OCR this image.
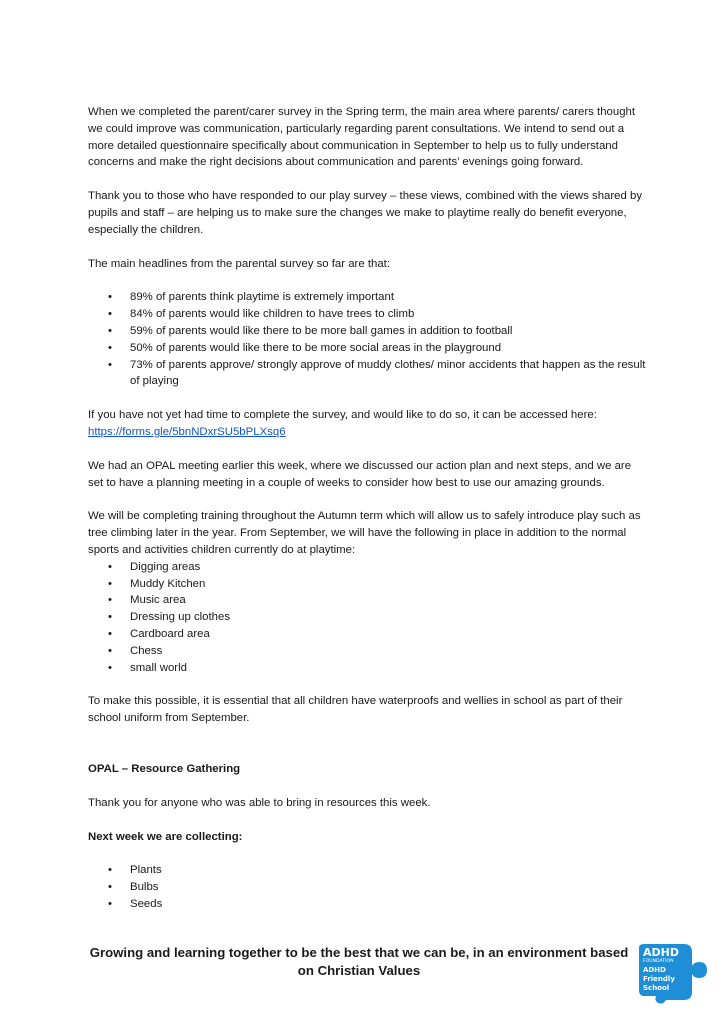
When we completed the parent/carer survey in the Spring term, the main area where parents/ carers thought we could improve was communication, particularly regarding parent consultations. We intend to send out a more detailed questionnaire specifically about communication in September to help us to fully understand concerns and make the right decisions about communication and parents’ evenings going forward.

Thank you to those who have responded to our play survey – these views, combined with the views shared by pupils and staff – are helping us to make sure the changes we make to playtime really do benefit everyone, especially the children.

The main headlines from the parental survey so far are that:

• 89% of parents think playtime is extremely important
• 84% of parents would like children to have trees to climb
• 59% of parents would like there to be more ball games in addition to football
• 50% of parents would like there to be more social areas in the playground
• 73% of parents approve/ strongly approve of muddy clothes/ minor accidents that happen as the result of playing

If you have not yet had time to complete the survey, and would like to do so, it can be accessed here: https://forms.gle/5bnNDxrSU5bPLXsq6

We had an OPAL meeting earlier this week, where we discussed our action plan and next steps, and we are set to have a planning meeting in a couple of weeks to consider how best to use our amazing grounds.

We will be completing training throughout the Autumn term which will allow us to safely introduce play such as tree climbing later in the year. From September, we will have the following in place in addition to the normal sports and activities children currently do at playtime:

• Digging areas
• Muddy Kitchen
• Music area
• Dressing up clothes
• Cardboard area
• Chess
• small world

To make this possible, it is essential that all children have waterproofs and wellies in school as part of their school uniform from September.

OPAL – Resource Gathering

Thank you for anyone who was able to bring in resources this week.

Next week we are collecting:

• Plants
• Bulbs
• Seeds
Growing and learning together to be the best that we can be, in an environment based on Christian Values
ADHD
FOUNDATION
ADHD
Friendly
School
